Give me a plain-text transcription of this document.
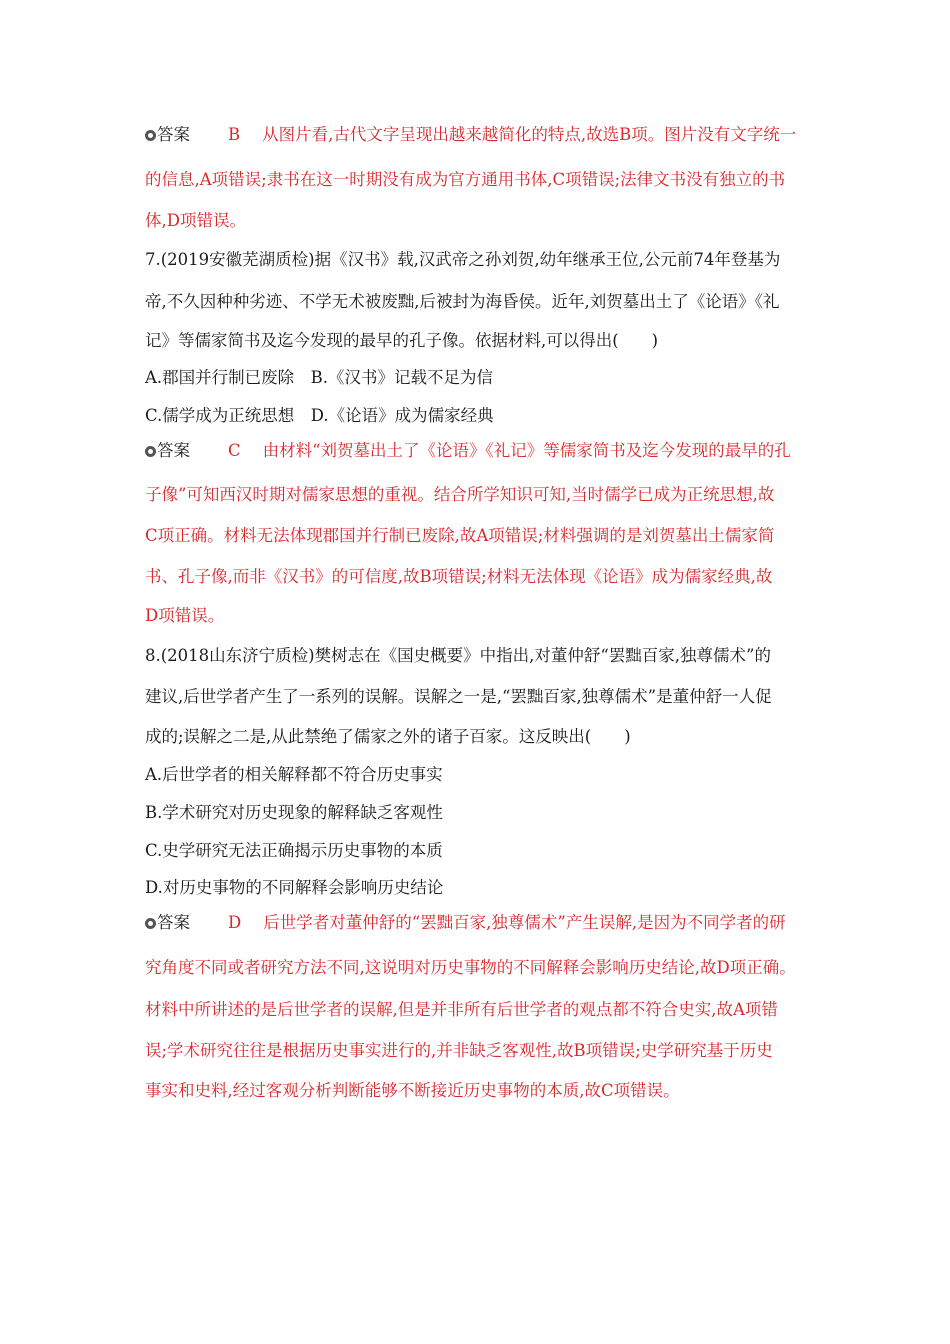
答案 B 从图片看,古代文字呈现出越来越简化的特点,故选B项。图片没有文字统一
的信息,A项错误;隶书在这一时期没有成为官方通用书体,C项错误;法律文书没有独立的书
体,D项错误。
7.(2019安徽芜湖质检)据《汉书》载,汉武帝之孙刘贺,幼年继承王位,公元前74年登基为
帝,不久因种种劣迹、不学无术被废黜,后被封为海昏侯。近年,刘贺墓出土了《论语》《礼
记》等儒家简书及迄今发现的最早的孔子像。依据材料,可以得出(　　)
A.郡国并行制已废除　B.《汉书》记载不足为信
C.儒学成为正统思想　D.《论语》成为儒家经典
答案 C 由材料“刘贺墓出土了《论语》《礼记》等儒家简书及迄今发现的最早的孔
子像”可知西汉时期对儒家思想的重视。结合所学知识可知,当时儒学已成为正统思想,故
C项正确。材料无法体现郡国并行制已废除,故A项错误;材料强调的是刘贺墓出土儒家简
书、孔子像,而非《汉书》的可信度,故B项错误;材料无法体现《论语》成为儒家经典,故
D项错误。
8.(2018山东济宁质检)樊树志在《国史概要》中指出,对董仲舒“罢黜百家,独尊儒术”的
建议,后世学者产生了一系列的误解。误解之一是,“罢黜百家,独尊儒术”是董仲舒一人促
成的;误解之二是,从此禁绝了儒家之外的诸子百家。这反映出(　　)
A.后世学者的相关解释都不符合历史事实
B.学术研究对历史现象的解释缺乏客观性
C.史学研究无法正确揭示历史事物的本质
D.对历史事物的不同解释会影响历史结论
答案 D 后世学者对董仲舒的“罢黜百家,独尊儒术”产生误解,是因为不同学者的研
究角度不同或者研究方法不同,这说明对历史事物的不同解释会影响历史结论,故D项正确。
材料中所讲述的是后世学者的误解,但是并非所有后世学者的观点都不符合史实,故A项错
误;学术研究往往是根据历史事实进行的,并非缺乏客观性,故B项错误;史学研究基于历史
事实和史料,经过客观分析判断能够不断接近历史事物的本质,故C项错误。
